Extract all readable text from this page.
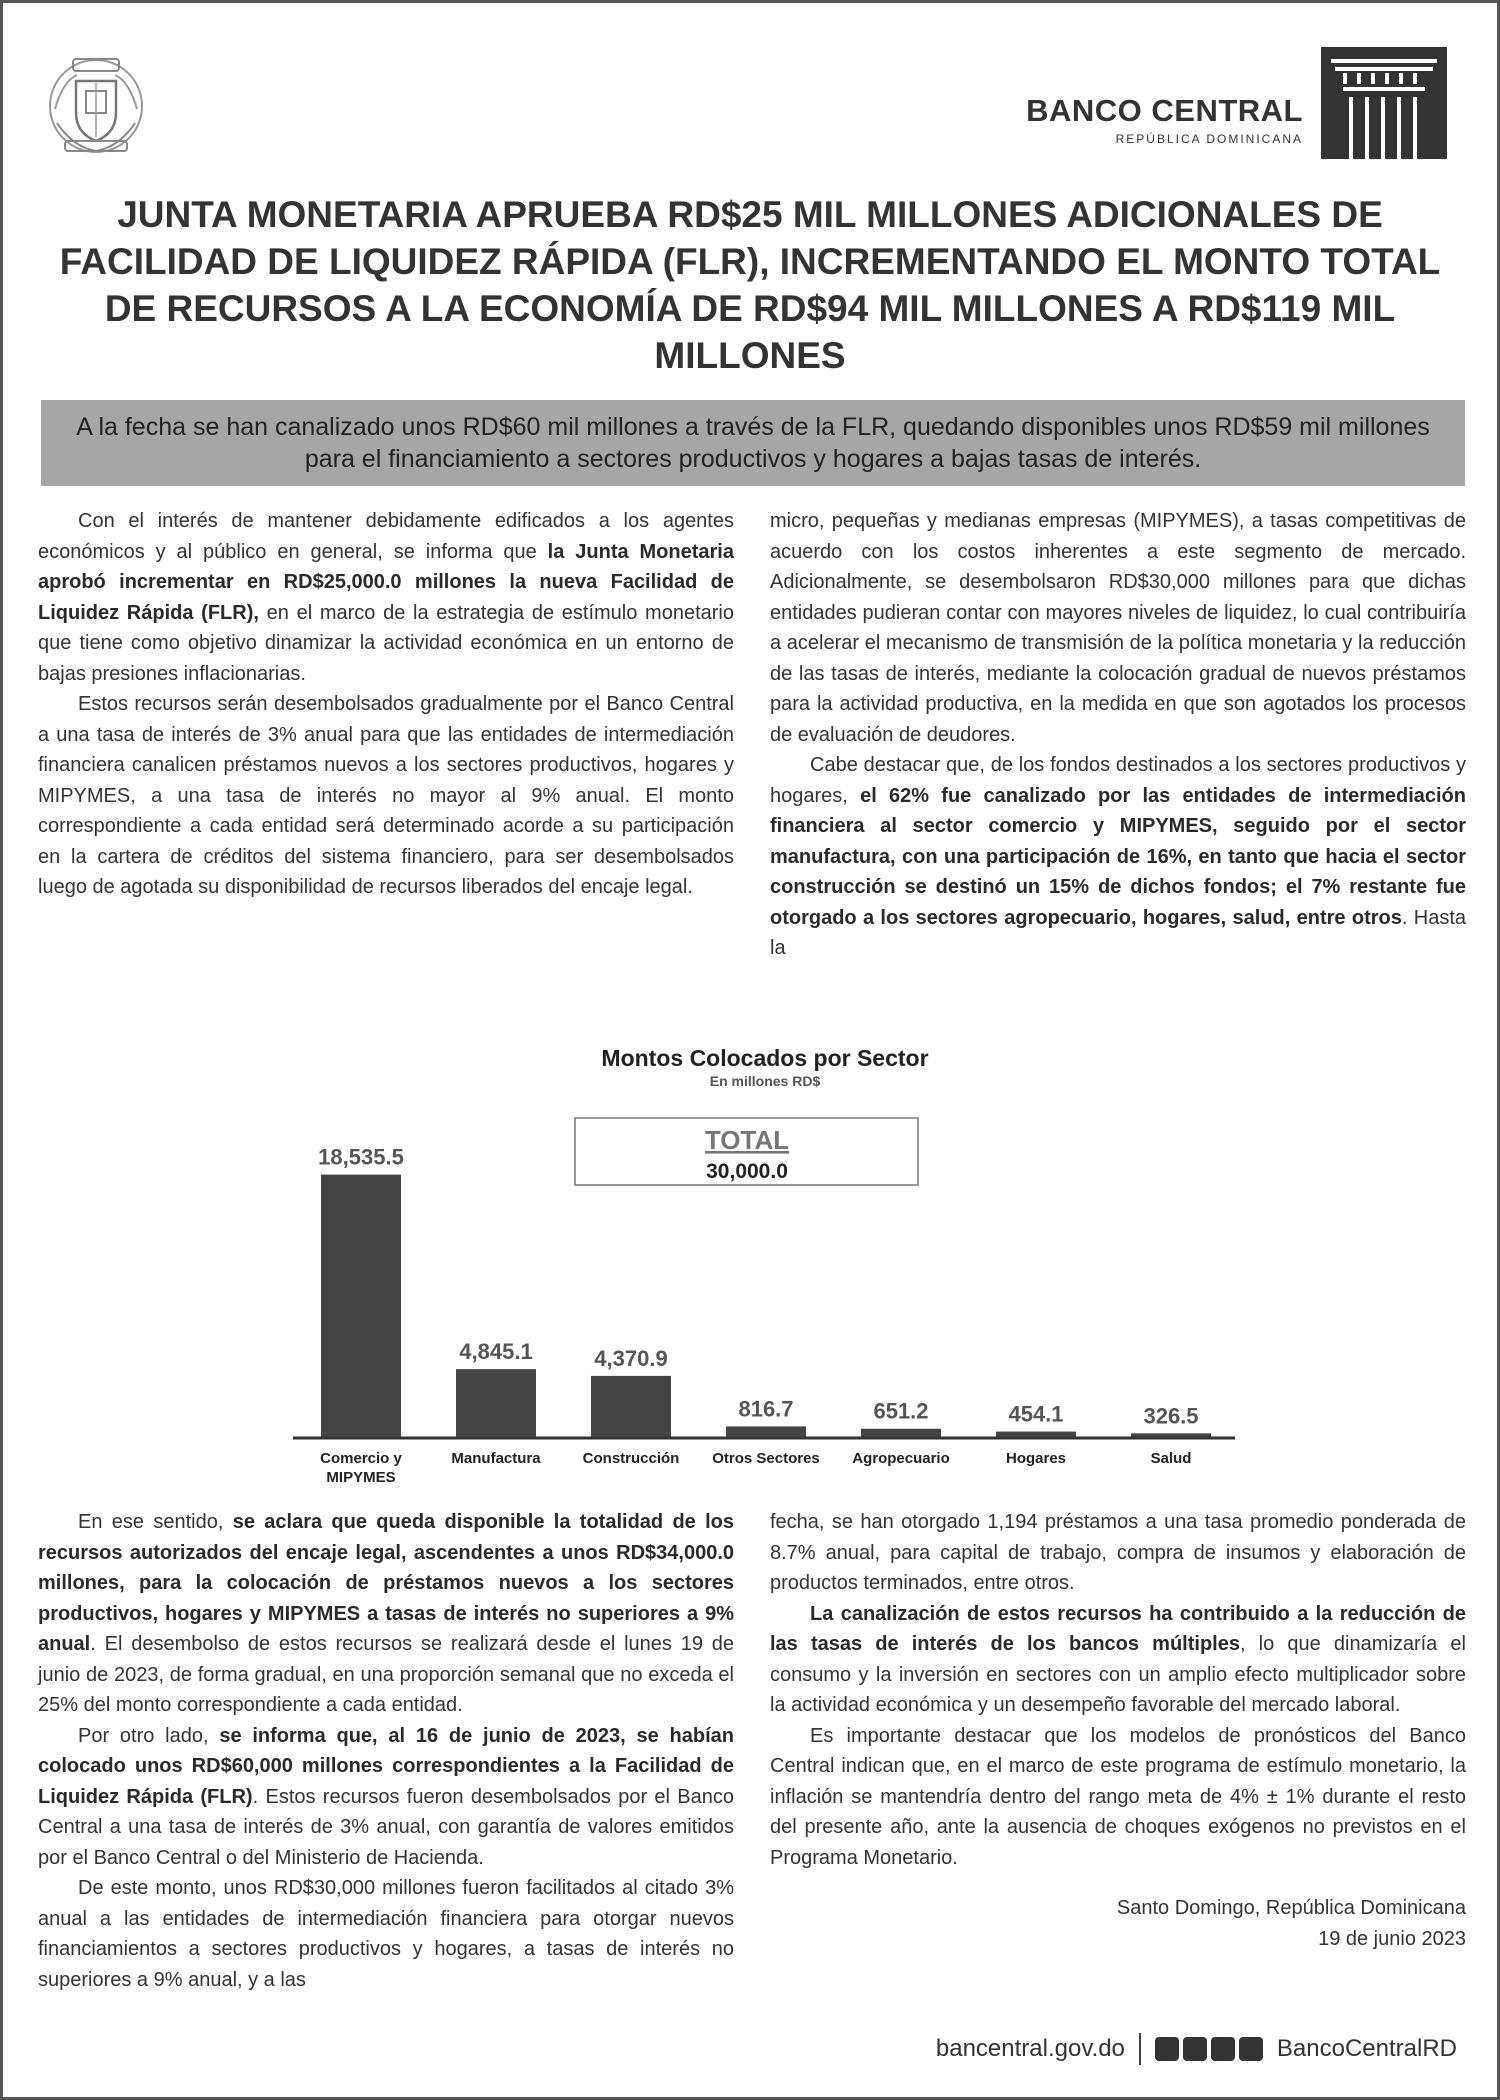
BANCO CENTRAL
REPÚBLICA DOMINICANA
JUNTA MONETARIA APRUEBA RD$25 MIL MILLONES ADICIONALES DE FACILIDAD DE LIQUIDEZ RÁPIDA (FLR), INCREMENTANDO EL MONTO TOTAL DE RECURSOS A LA ECONOMÍA DE RD$94 MIL MILLONES A RD$119 MIL MILLONES
A la fecha se han canalizado unos RD$60 mil millones a través de la FLR, quedando disponibles unos RD$59 mil millones para el financiamiento a sectores productivos y hogares a bajas tasas de interés.

Con el interés de mantener debidamente edificados a los agentes económicos y al público en general, se informa que la Junta Monetaria aprobó incrementar en RD$25,000.0 millones la nueva Facilidad de Liquidez Rápida (FLR), en el marco de la estrategia de estímulo monetario que tiene como objetivo dinamizar la actividad económica en un entorno de bajas presiones inflacionarias.

Estos recursos serán desembolsados gradualmente por el Banco Central a una tasa de interés de 3% anual para que las entidades de intermediación financiera canalicen préstamos nuevos a los sectores productivos, hogares y MIPYMES, a una tasa de interés no mayor al 9% anual. El monto correspondiente a cada entidad será determinado acorde a su participación en la cartera de créditos del sistema financiero, para ser desembolsados luego de agotada su disponibilidad de recursos liberados del encaje legal.

micro, pequeñas y medianas empresas (MIPYMES), a tasas competitivas de acuerdo con los costos inherentes a este segmento de mercado. Adicionalmente, se desembolsaron RD$30,000 millones para que dichas entidades pudieran contar con mayores niveles de liquidez, lo cual contribuiría a acelerar el mecanismo de transmisión de la política monetaria y la reducción de las tasas de interés, mediante la colocación gradual de nuevos préstamos para la actividad productiva, en la medida en que son agotados los procesos de evaluación de deudores.

Cabe destacar que, de los fondos destinados a los sectores productivos y hogares, el 62% fue canalizado por las entidades de intermediación financiera al sector comercio y MIPYMES, seguido por el sector manufactura, con una participación de 16%, en tanto que hacia el sector construcción se destinó un 15% de dichos fondos; el 7% restante fue otorgado a los sectores agropecuario, hogares, salud, entre otros. Hasta la

Montos Colocados por Sector
En millones RD$
TOTAL
30,000.0
18,535.5
Comercio y MIPYMES
4,845.1
Manufactura
4,370.9
Construcción
816.7
Otros Sectores
651.2
Agropecuario
454.1
Hogares
326.5
Salud

En ese sentido, se aclara que queda disponible la totalidad de los recursos autorizados del encaje legal, ascendentes a unos RD$34,000.0 millones, para la colocación de préstamos nuevos a los sectores productivos, hogares y MIPYMES a tasas de interés no superiores a 9% anual. El desembolso de estos recursos se realizará desde el lunes 19 de junio de 2023, de forma gradual, en una proporción semanal que no exceda el 25% del monto correspondiente a cada entidad.

Por otro lado, se informa que, al 16 de junio de 2023, se habían colocado unos RD$60,000 millones correspondientes a la Facilidad de Liquidez Rápida (FLR). Estos recursos fueron desembolsados por el Banco Central a una tasa de interés de 3% anual, con garantía de valores emitidos por el Banco Central o del Ministerio de Hacienda.

De este monto, unos RD$30,000 millones fueron facilitados al citado 3% anual a las entidades de intermediación financiera para otorgar nuevos financiamientos a sectores productivos y hogares, a tasas de interés no superiores a 9% anual, y a las

fecha, se han otorgado 1,194 préstamos a una tasa promedio ponderada de 8.7% anual, para capital de trabajo, compra de insumos y elaboración de productos terminados, entre otros.

La canalización de estos recursos ha contribuido a la reducción de las tasas de interés de los bancos múltiples, lo que dinamizaría el consumo y la inversión en sectores con un amplio efecto multiplicador sobre la actividad económica y un desempeño favorable del mercado laboral.

Es importante destacar que los modelos de pronósticos del Banco Central indican que, en el marco de este programa de estímulo monetario, la inflación se mantendría dentro del rango meta de 4% ± 1% durante el resto del presente año, ante la ausencia de choques exógenos no previstos en el Programa Monetario.

Santo Domingo, República Dominicana
19 de junio 2023
bancentral.gov.do	BancoCentralRD
